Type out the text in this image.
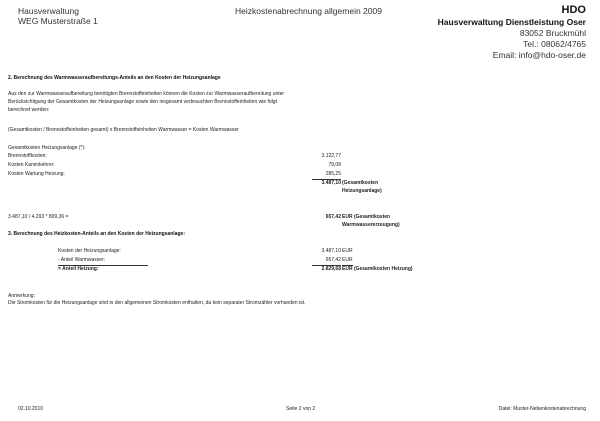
Hausverwaltung
WEG Musterstraße 1
Heizkostenabrechnung allgemein 2009	HDO
Hausverwaltung Dienstleistung Oser
83052 Bruckmühl
Tel.: 08062/4765
Email: info@hdo-oser.de
2. Berechnung des Warmwasseraufbereitungs-Anteils an den Kosten der Heizungsanlage
Aus den zur Warmwasseraufbereitung benötigten Brennstoffeinheiten können die Kosten zur Warmwasseraufbereitung unter
Berücksichtigung der Gesamtkosten der Heizungsanlage sowie den insgesamt verbrauchten Brennstoffeinheiten wie folgt
berechnet werden:
(Gesamtkosten / Brennstoffeinheiten gesamt) x Brennstoffeinheiten Warmwasser = Kosten Warmwasser
Gesamtkosten Heizungsanlage (*):
Brennstoffkosten:	3.122,77
Kosten Kaminkehrer:	79,08
Kosten Wartung Heizung:	285,25
3.487,10 (Gesamtkosten
Heizungsanlage)
3.487,10 / 4.293 * 809,36 =	657,42 EUR (Gesamtkosten
Warmwassererzeugung)
3. Berechnung des Heizkosten-Anteils an den Kosten der Heizungsanlage:
Kosten der Heizungsanlage:	3.487,10 EUR
- Anteil Warmwasser:	657,42 EUR
= Anteil Heizung:	2.829,68 EUR (Gesamtkosten Heizung)
Anmerkung:
Die Stromkosten für die Heizungsanlage sind in den allgemeinen Stromkosten enthalten, da kein separater Stromzähler vorhanden ist.
02.10.2010	Seite 2 von 2	Datei: Muster-Nebenkostenabrechnung
